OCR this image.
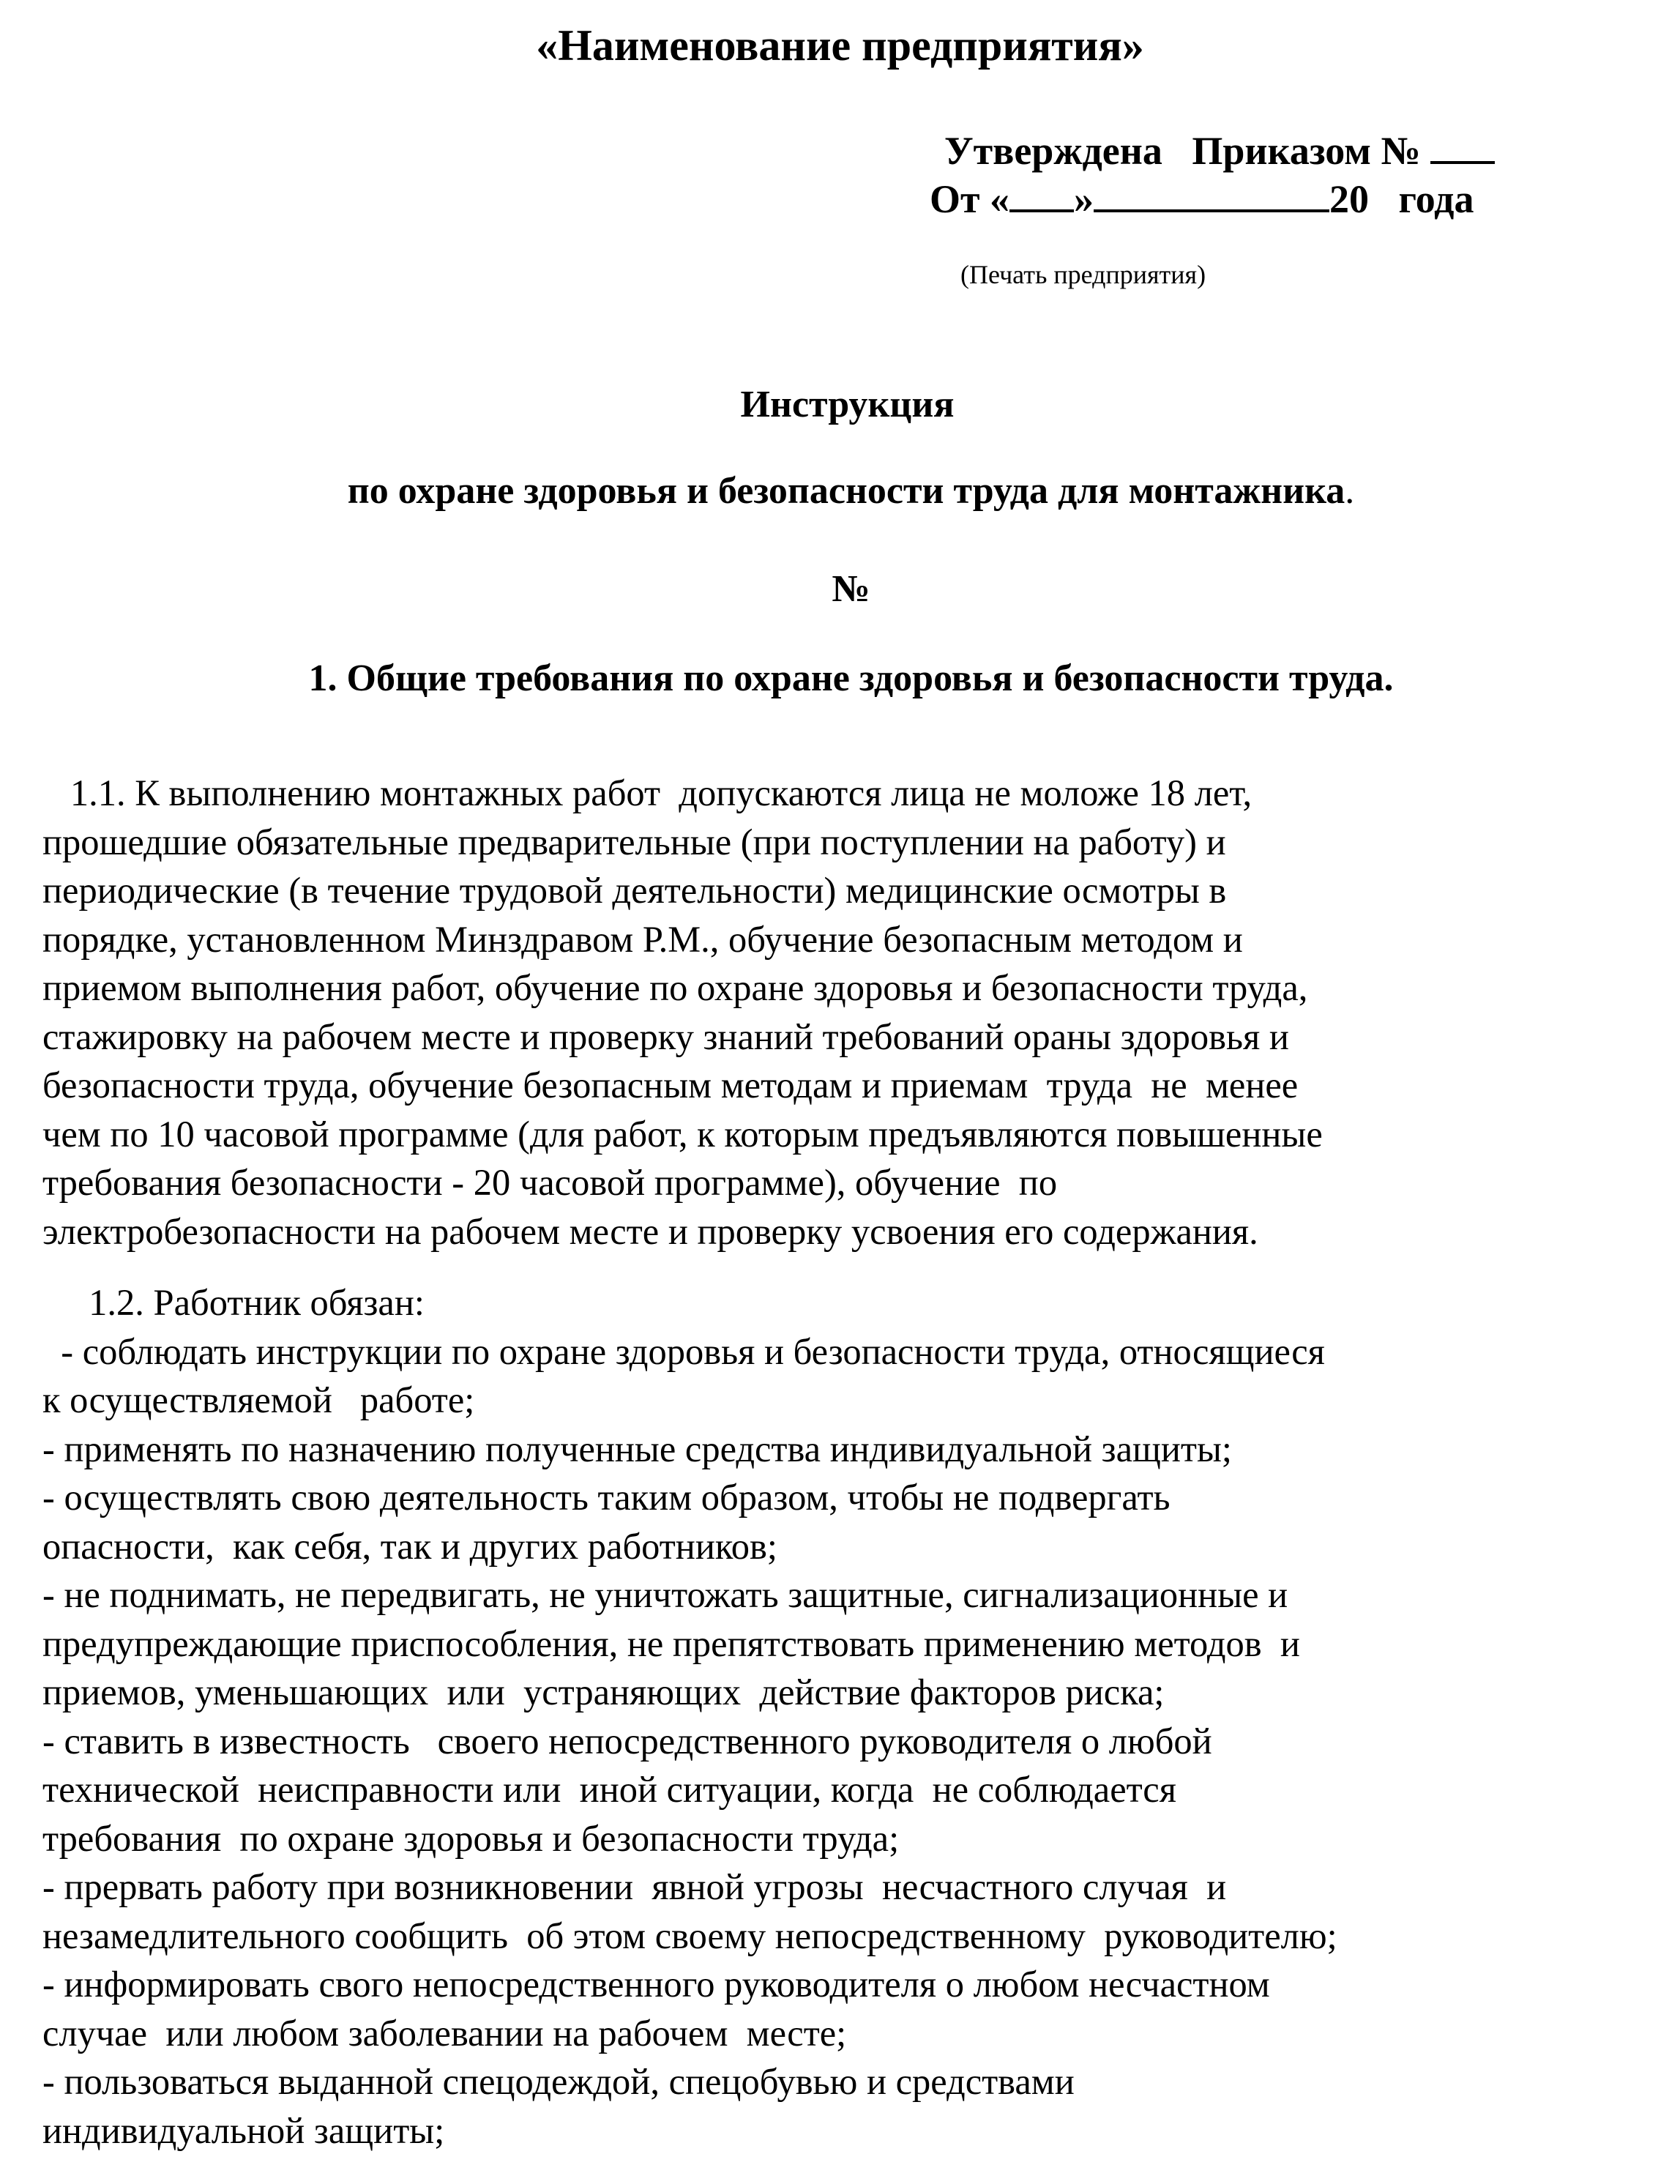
«Наименование предприятия»
Утверждена   Приказом №
От « »	20   года
(Печать предприятия)
Инструкция
по охране здоровья и безопасности труда для монтажника.
№
1. Общие требования по охране здоровья и безопасности труда.
1.1. К выполнению монтажных работ  допускаются лица не моложе 18 лет,
прошедшие обязательные предварительные (при поступлении на работу) и
периодические (в течение трудовой деятельности) медицинские осмотры в
порядке, установленном Минздравом Р.М., обучение безопасным методом и
приемом выполнения работ, обучение по охране здоровья и безопасности труда,
стажировку на рабочем месте и проверку знаний требований ораны здоровья и
безопасности труда, обучение безопасным методам и приемам  труда  не  менее
чем по 10 часовой программе (для работ, к которым предъявляются повышенные
требования безопасности - 20 часовой программе), обучение  по
электробезопасности на рабочем месте и проверку усвоения его содержания.
1.2. Работник обязан:
- соблюдать инструкции по охране здоровья и безопасности труда, относящиеся
к осуществляемой   работе;
- применять по назначению полученные средства индивидуальной защиты;
- осуществлять свою деятельность таким образом, чтобы не подвергать
опасности,  как себя, так и других работников;
- не поднимать, не передвигать, не уничтожать защитные, сигнализационные и
предупреждающие приспособления, не препятствовать применению методов  и
приемов, уменьшающих  или  устраняющих  действие факторов риска;
- ставить в известность   своего непосредственного руководителя о любой
технической  неисправности или  иной ситуации, когда  не соблюдается
требования  по охране здоровья и безопасности труда;
- прервать работу при возникновении  явной угрозы  несчастного случая  и
незамедлительного сообщить  об этом своему непосредственному  руководителю;
- информировать свого непосредственного руководителя о любом несчастном
случае  или любом заболевании на рабочем  месте;
- пользоваться выданной спецодеждой, спецобувью и средствами
индивидуальной защиты;
